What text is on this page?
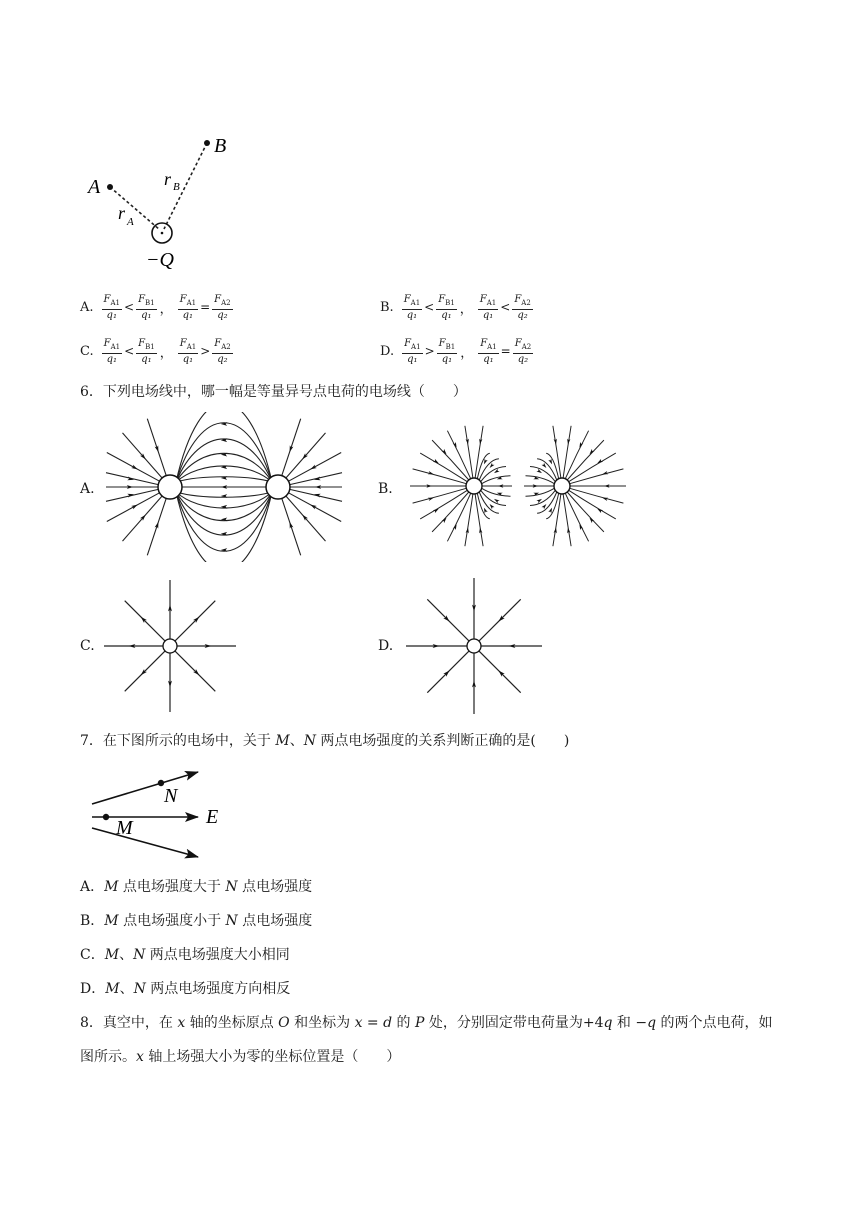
A
B
r A
r B
−Q
A. $\frac{F_{A1}}{\text{q₁}} < \frac{F_{B1}}{\text{q₁}}$ ， $\frac{F_{A1}}{\text{q₁}} = \frac{F_{A2}}{\text{q₂}}$	B. $\frac{F_{A1}}{\text{q₁}} < \frac{F_{B1}}{\text{q₁}}$ ， $\frac{F_{A1}}{\text{q₁}} < \frac{F_{A2}}{\text{q₂}}$
C. $\frac{F_{A1}}{\text{q₁}} < \frac{F_{B1}}{\text{q₁}}$ ， $\frac{F_{A1}}{\text{q₁}} > \frac{F_{A2}}{\text{q₂}}$	D. $\frac{F_{A1}}{\text{q₁}} > \frac{F_{B1}}{\text{q₁}}$ ， $\frac{F_{A1}}{\text{q₁}} = \frac{F_{A2}}{\text{q₂}}$
6．下列电场线中，哪一幅是等量异号点电荷的电场线（　　）
A.	B.
C.	D.
7．在下图所示的电场中，关于 M、N 两点电场强度的关系判断正确的是(　　)
N
M	E
A．M 点电场强度大于 N 点电场强度
B．M 点电场强度小于 N 点电场强度
C．M、N 两点电场强度大小相同
D．M、N 两点电场强度方向相反
8．真空中，在 x 轴的坐标原点 O 和坐标为 x = d 的 P 处，分别固定带电荷量为+4q 和 −q 的两个点电荷，如
图所示。x 轴上场强大小为零的坐标位置是（　　）
